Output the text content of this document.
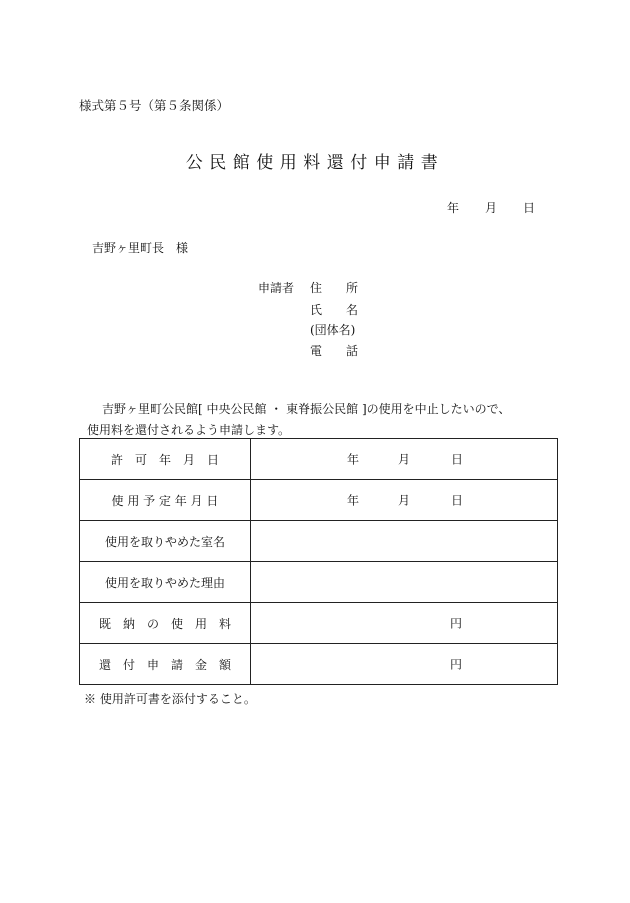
様式第５号（第５条関係）
公民館使用料還付申請書
年 月 日
吉野ヶ里町長　様
申請者 住　　所
氏　　名
(団体名)
電　　話
吉野ヶ里町公民館[ 中央公民館 ・ 東脊振公民館 ]の使用を中止したいので、
使用料を還付されるよう申請します。
許　可　年　月　日	年 月 日

使 用 予 定 年 月 日	年 月 日

使用を取りやめた室名	
使用を取りやめた理由	
既　納　の　使　用　料	円

還　付　申　請　金　額	円
※ 使用許可書を添付すること。
